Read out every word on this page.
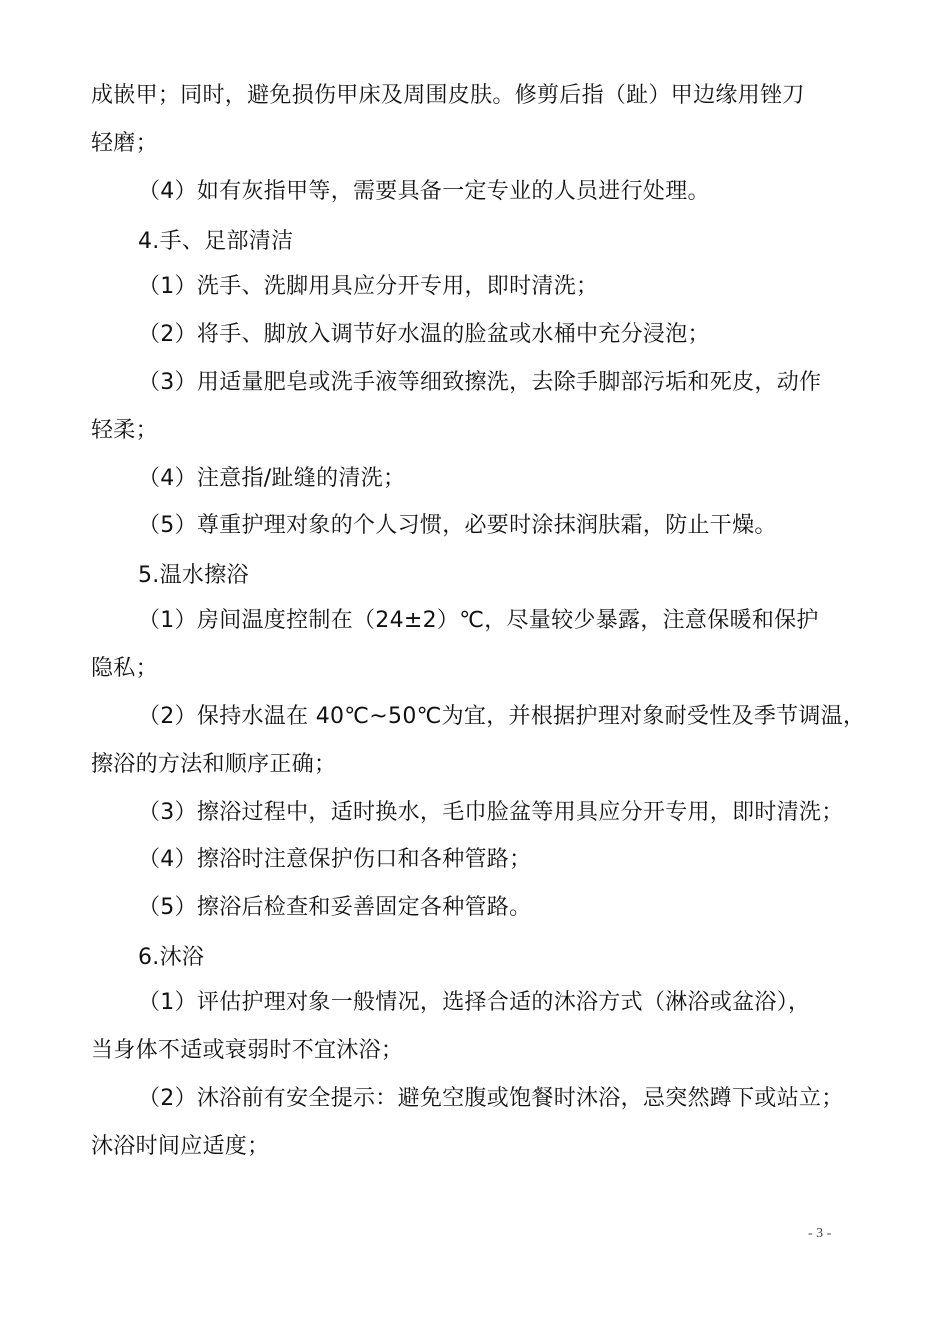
成嵌甲；同时，避免损伤甲床及周围皮肤。修剪后指（趾）甲边缘用锉刀
轻磨；
（4）如有灰指甲等，需要具备一定专业的人员进行处理。
4.手、足部清洁
（1）洗手、洗脚用具应分开专用，即时清洗；
（2）将手、脚放入调节好水温的脸盆或水桶中充分浸泡；
（3）用适量肥皂或洗手液等细致擦洗，去除手脚部污垢和死皮，动作
轻柔；
（4）注意指/趾缝的清洗；
（5）尊重护理对象的个人习惯，必要时涂抹润肤霜，防止干燥。
5.温水擦浴
（1）房间温度控制在（24±2）℃，尽量较少暴露，注意保暖和保护
隐私；
（2）保持水温在 40℃~50℃为宜，并根据护理对象耐受性及季节调温，
擦浴的方法和顺序正确；
（3）擦浴过程中，适时换水，毛巾脸盆等用具应分开专用，即时清洗；
（4）擦浴时注意保护伤口和各种管路；
（5）擦浴后检查和妥善固定各种管路。
6.沐浴
（1）评估护理对象一般情况，选择合适的沐浴方式（淋浴或盆浴），
当身体不适或衰弱时不宜沐浴；
（2）沐浴前有安全提示：避免空腹或饱餐时沐浴，忌突然蹲下或站立；
沐浴时间应适度；
- 3 -
